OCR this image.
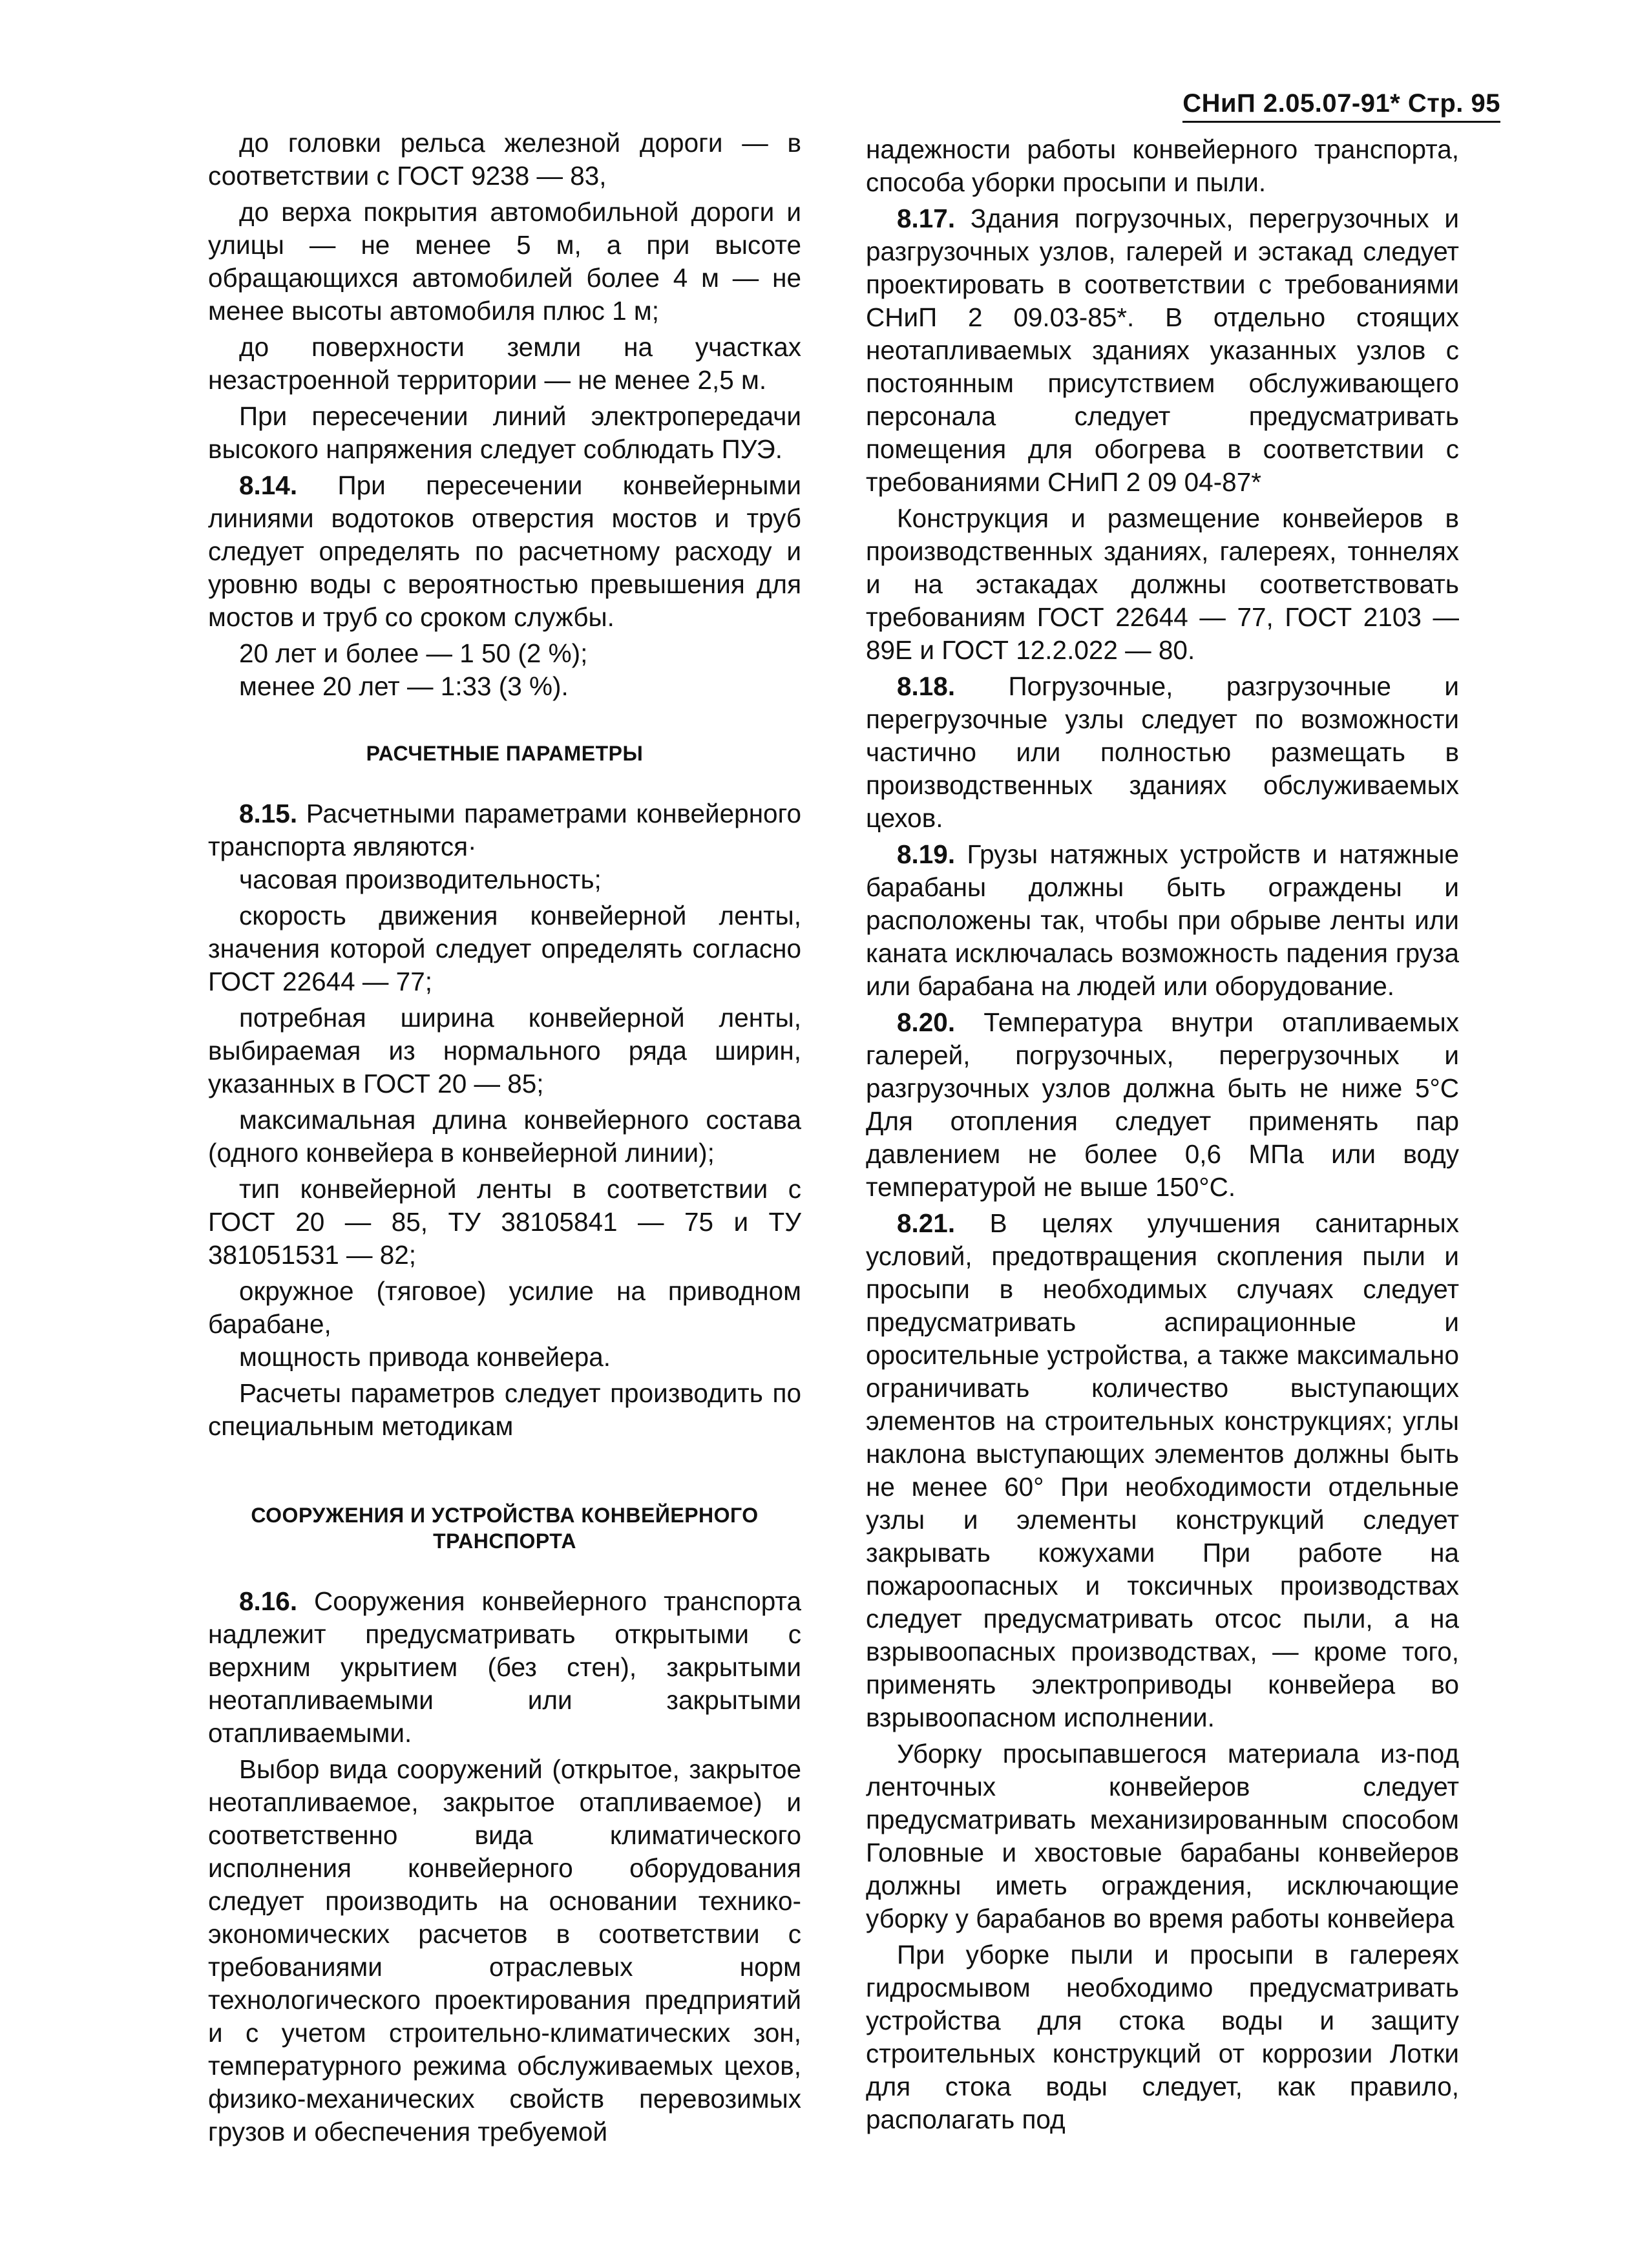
СНиП 2.05.07-91* Стр. 95

до головки рельса железной дороги — в соответствии с ГОСТ 9238 — 83,

до верха покрытия автомобильной дороги и улицы — не менее 5 м, а при высоте обращающихся автомобилей более 4 м — не менее высоты автомобиля плюс 1 м;

до поверхности земли на участках незастроенной территории — не менее 2,5 м.

При пересечении линий электропередачи высокого напряжения следует соблюдать ПУЭ.

8.14. При пересечении конвейерными линиями водотоков отверстия мостов и труб следует определять по расчетному расходу и уровню воды с вероятностью превышения для мостов и труб со сроком службы.

20 лет и более — 1 50 (2 %);

менее 20 лет — 1:33 (3 %).

РАСЧЕТНЫЕ ПАРАМЕТРЫ

8.15. Расчетными параметрами конвейерного транспорта являются·

часовая производительность;

скорость движения конвейерной ленты, значения которой следует определять согласно ГОСТ 22644 — 77;

потребная ширина конвейерной ленты, выбираемая из нормального ряда ширин, указанных в ГОСТ 20 — 85;

максимальная длина конвейерного состава (одного конвейера в конвейерной линии);

тип конвейерной ленты в соответствии с ГОСТ 20 — 85, ТУ 38105841 — 75 и ТУ 381051531 — 82;

окружное (тяговое) усилие на приводном барабане,

мощность привода конвейера.

Расчеты параметров следует производить по специальным методикам

СООРУЖЕНИЯ И УСТРОЙСТВА КОНВЕЙЕРНОГО ТРАНСПОРТА

8.16. Сооружения конвейерного транспорта надлежит предусматривать открытыми с верхним укрытием (без стен), закрытыми неотапливаемыми или закрытыми отапливаемыми.

Выбор вида сооружений (открытое, закрытое неотапливаемое, закрытое отапливаемое) и соответственно вида климатического исполнения конвейерного оборудования следует производить на основании технико-экономических расчетов в соответствии с требованиями отраслевых норм технологического проектирования предприятий и с учетом строительно-климатических зон, температурного режима обслуживаемых цехов, физико-механических свойств перевозимых грузов и обеспечения требуемой

надежности работы конвейерного транспорта, способа уборки просыпи и пыли.

8.17. Здания погрузочных, перегрузочных и разгрузочных узлов, галерей и эстакад следует проектировать в соответствии с требованиями СНиП 2 09.03-85*. В отдельно стоящих неотапливаемых зданиях указанных узлов с постоянным присутствием обслуживающего персонала следует предусматривать помещения для обогрева в соответствии с требованиями СНиП 2 09 04-87*

Конструкция и размещение конвейеров в производственных зданиях, галереях, тоннелях и на эстакадах должны соответствовать требованиям ГОСТ 22644 — 77, ГОСТ 2103 — 89Е и ГОСТ 12.2.022 — 80.

8.18. Погрузочные, разгрузочные и перегрузочные узлы следует по возможности частично или полностью размещать в производственных зданиях обслуживаемых цехов.

8.19. Грузы натяжных устройств и натяжные барабаны должны быть ограждены и расположены так, чтобы при обрыве ленты или каната исключалась возможность падения груза или барабана на людей или оборудование.

8.20. Температура внутри отапливаемых галерей, погрузочных, перегрузочных и разгрузочных узлов должна быть не ниже 5°С Для отопления следует применять пар давлением не более 0,6 МПа или воду температурой не выше 150°С.

8.21. В целях улучшения санитарных условий, предотвращения скопления пыли и просыпи в необходимых случаях следует предусматривать аспирационные и оросительные устройства, а также максимально ограничивать количество выступающих элементов на строительных конструкциях; углы наклона выступающих элементов должны быть не менее 60° При необходимости отдельные узлы и элементы конструкций следует закрывать кожухами При работе на пожароопасных и токсичных производствах следует предусматривать отсос пыли, а на взрывоопасных производствах, — кроме того, применять электроприводы конвейера во взрывоопасном исполнении.

Уборку просыпавшегося материала из-под ленточных конвейеров следует предусматривать механизированным способом Головные и хвостовые барабаны конвейеров должны иметь ограждения, исключающие уборку у барабанов во время работы конвейера

При уборке пыли и просыпи в галереях гидросмывом необходимо предусматривать устройства для стока воды и защиту строительных конструкций от коррозии Лотки для стока воды следует, как правило, располагать под
